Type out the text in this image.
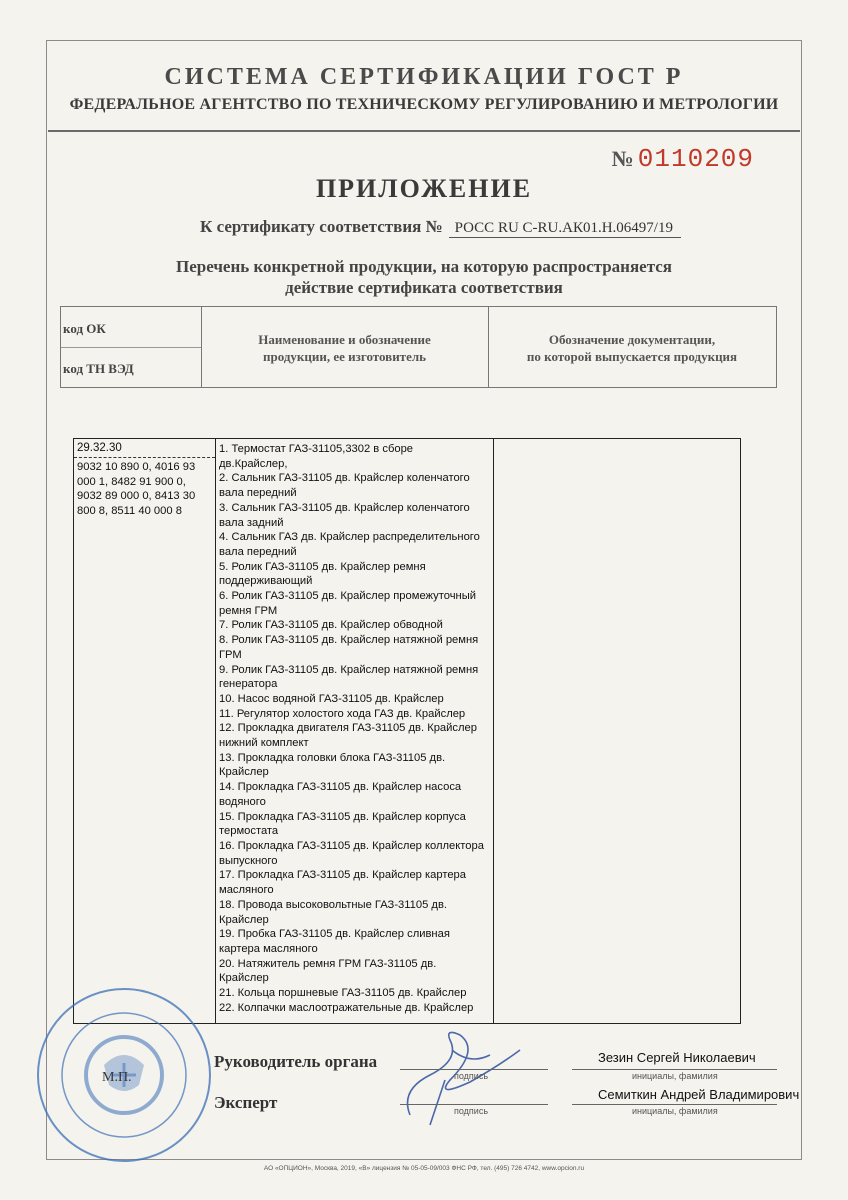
СИСТЕМА СЕРТИФИКАЦИИ ГОСТ Р
ФЕДЕРАЛЬНОЕ АГЕНТСТВО ПО ТЕХНИЧЕСКОМУ РЕГУЛИРОВАНИЮ И МЕТРОЛОГИИ
№ 0110209
ПРИЛОЖЕНИЕ
К сертификату соответствия № РОСС RU С-RU.АК01.Н.06497/19
Перечень конкретной продукции, на которую распространяется
действие сертификата соответствия
код ОК
код ТН ВЭД
Наименование и обозначение
продукции, ее изготовитель
Обозначение документации,
по которой выпускается продукция
29.32.30
9032 10 890 0, 4016 93
000 1, 8482 91 900 0,
9032 89 000 0, 8413 30
800 8, 8511 40 000 8
1. Термостат ГАЗ-31105,3302 в сборе
дв.Крайслер,
2. Сальник ГАЗ-31105 дв. Крайслер коленчатого
вала передний
3. Сальник ГАЗ-31105 дв. Крайслер коленчатого
вала задний
4. Сальник ГАЗ дв. Крайслер распределительного
вала передний
5. Ролик ГАЗ-31105 дв. Крайслер ремня
поддерживающий
6. Ролик ГАЗ-31105 дв. Крайслер промежуточный
ремня ГРМ
7. Ролик ГАЗ-31105 дв. Крайслер обводной
8. Ролик ГАЗ-31105 дв. Крайслер натяжной ремня
ГРМ
9. Ролик ГАЗ-31105 дв. Крайслер натяжной ремня
генератора
10. Насос водяной ГАЗ-31105 дв. Крайслер
11. Регулятор холостого хода ГАЗ дв. Крайслер
12. Прокладка двигателя ГАЗ-31105 дв. Крайслер
нижний комплект
13. Прокладка головки блока ГАЗ-31105 дв.
Крайслер
14. Прокладка ГАЗ-31105 дв. Крайслер насоса
водяного
15. Прокладка ГАЗ-31105 дв. Крайслер корпуса
термостата
16. Прокладка ГАЗ-31105 дв. Крайслер коллектора
выпускного
17. Прокладка ГАЗ-31105 дв. Крайслер картера
масляного
18. Провода высоковольтные ГАЗ-31105 дв.
Крайслер
19. Пробка ГАЗ-31105 дв. Крайслер сливная
картера масляного
20. Натяжитель ремня ГРМ ГАЗ-31105 дв.
Крайслер
21. Кольца поршневые ГАЗ-31105 дв. Крайслер
22. Колпачки маслоотражательные дв. Крайслер
М.П.
Руководитель органа
подпись
Зезин Сергей Николаевич
инициалы, фамилия
Эксперт	подпись
Семиткин Андрей Владимирович
инициалы, фамилия
АО «ОПЦИОН», Москва, 2019, «В» лицензия № 05-05-09/003 ФНС РФ, тел. (495) 726 4742, www.opcion.ru
